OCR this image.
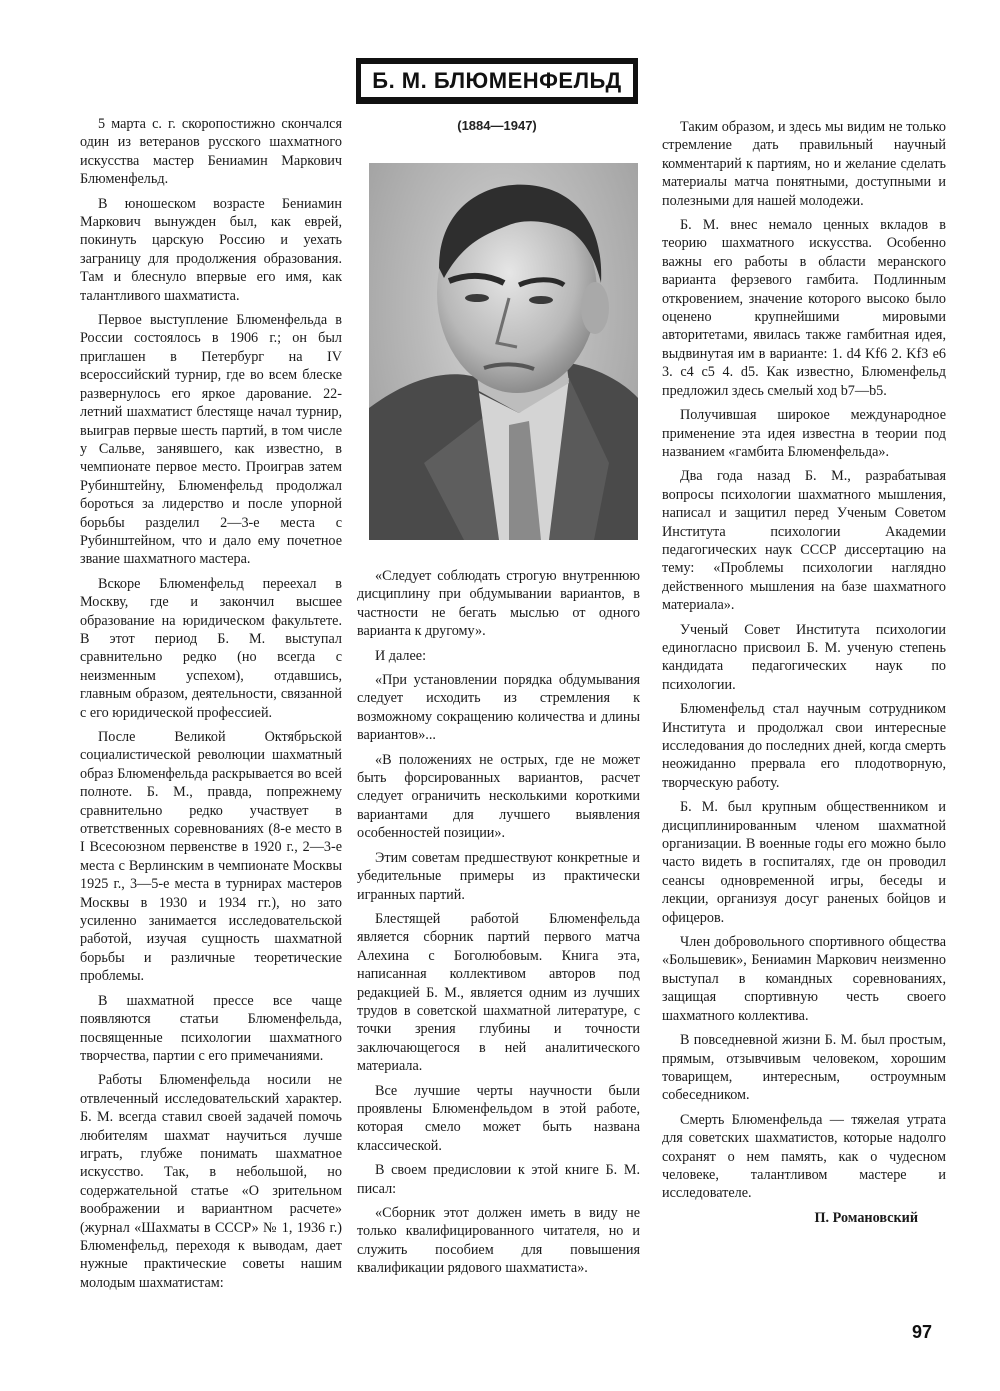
Б. М. БЛЮМЕНФЕЛЬД
(1884—1947)

5 марта с. г. скоропостижно скончался один из ветеранов русского шахматного искусства мастер Бениамин Маркович Блюменфельд.

В юношеском возрасте Бениамин Маркович вынужден был, как еврей, покинуть царскую Россию и уехать заграницу для продолжения образования. Там и блеснуло впервые его имя, как талантливого шахматиста.

Первое выступление Блюменфельда в России состоялось в 1906 г.; он был приглашен в Петербург на IV всероссийский турнир, где во всем блеске развернулось его яркое дарование. 22-летний шахматист блестяще начал турнир, выиграв первые шесть партий, в том числе у Сальве, занявшего, как известно, в чемпионате первое место. Проиграв затем Рубинштейну, Блюменфельд продолжал бороться за лидерство и после упорной борьбы разделил 2—3-е места с Рубинштейном, что и дало ему почетное звание шахматного мастера.

Вскоре Блюменфельд переехал в Москву, где и закончил высшее образование на юридическом факультете. В этот период Б. М. выступал сравнительно редко (но всегда с неизменным успехом), отдавшись, главным образом, деятельности, связанной с его юридической профессией.

После Великой Октябрьской социалистической революции шахматный образ Блюменфельда раскрывается во всей полноте. Б. М., правда, попрежнему сравнительно редко участвует в ответственных соревнованиях (8-е место в I Всесоюзном первенстве в 1920 г., 2—3-е места с Верлинским в чемпионате Москвы 1925 г., 3—5-е места в турнирах мастеров Москвы в 1930 и 1934 гг.), но зато усиленно занимается исследовательской работой, изучая сущность шахматной борьбы и различные теоретические проблемы.

В шахматной прессе все чаще появляются статьи Блюменфельда, посвященные психологии шахматного творчества, партии с его примечаниями.

Работы Блюменфельда носили не отвлеченный исследовательский характер. Б. М. всегда ставил своей задачей помочь любителям шахмат научиться лучше играть, глубже понимать шахматное искусство. Так, в небольшой, но содержательной статье «О зрительном воображении и вариантном расчете» (журнал «Шахматы в СССР» № 1, 1936 г.) Блюменфельд, переходя к выводам, дает нужные практические советы нашим молодым шахматистам:

«Следует соблюдать строгую внутреннюю дисциплину при обдумывании вариантов, в частности не бегать мыслью от одного варианта к другому».

И далее:

«При установлении порядка обдумывания следует исходить из стремления к возможному сокращению количества и длины вариантов»...

«В положениях не острых, где не может быть форсированных вариантов, расчет следует ограничить несколькими короткими вариантами для лучшего выявления особенностей позиции».

Этим советам предшествуют конкретные и убедительные примеры из практически игранных партий.

Блестящей работой Блюменфельда является сборник партий первого матча Алехина с Боголюбовым. Книга эта, написанная коллективом авторов под редакцией Б. М., является одним из лучших трудов в советской шахматной литературе, с точки зрения глубины и точности заключающегося в ней аналитического материала.

Все лучшие черты научности были проявлены Блюменфельдом в этой работе, которая смело может быть названа классической.

В своем предисловии к этой книге Б. М. писал:

«Сборник этот должен иметь в виду не только квалифицированного читателя, но и служить пособием для повышения квалификации рядового шахматиста».

Таким образом, и здесь мы видим не только стремление дать правильный научный комментарий к партиям, но и желание сделать материалы матча понятными, доступными и полезными для нашей молодежи.

Б. М. внес немало ценных вкладов в теорию шахматного искусства. Особенно важны его работы в области меранского варианта ферзевого гамбита. Подлинным откровением, значение которого высоко было оценено крупнейшими мировыми авторитетами, явилась также гамбитная идея, выдвинутая им в варианте: 1. d4 Kf6 2. Kf3 e6 3. c4 c5 4. d5. Как известно, Блюменфельд предложил здесь смелый ход b7—b5.

Получившая широкое международное применение эта идея известна в теории под названием «гамбита Блюменфельда».

Два года назад Б. М., разрабатывая вопросы психологии шахматного мышления, написал и защитил перед Ученым Советом Института психологии Академии педагогических наук СССР диссертацию на тему: «Проблемы психологии наглядно действенного мышления на базе шахматного материала».

Ученый Совет Института психологии единогласно присвоил Б. М. ученую степень кандидата педагогических наук по психологии.

Блюменфельд стал научным сотрудником Института и продолжал свои интересные исследования до последних дней, когда смерть неожиданно прервала его плодотворную, творческую работу.

Б. М. был крупным общественником и дисциплинированным членом шахматной организации. В военные годы его можно было часто видеть в госпиталях, где он проводил сеансы одновременной игры, беседы и лекции, организуя досуг раненых бойцов и офицеров.

Член добровольного спортивного общества «Большевик», Бениамин Маркович неизменно выступал в командных соревнованиях, защищая спортивную честь своего шахматного коллектива.

В повседневной жизни Б. М. был простым, прямым, отзывчивым человеком, хорошим товарищем, интересным, остроумным собеседником.

Смерть Блюменфельда — тяжелая утрата для советских шахматистов, которые надолго сохранят о нем память, как о чудесном человеке, талантливом мастере и исследователе.

П. Романовский

97
